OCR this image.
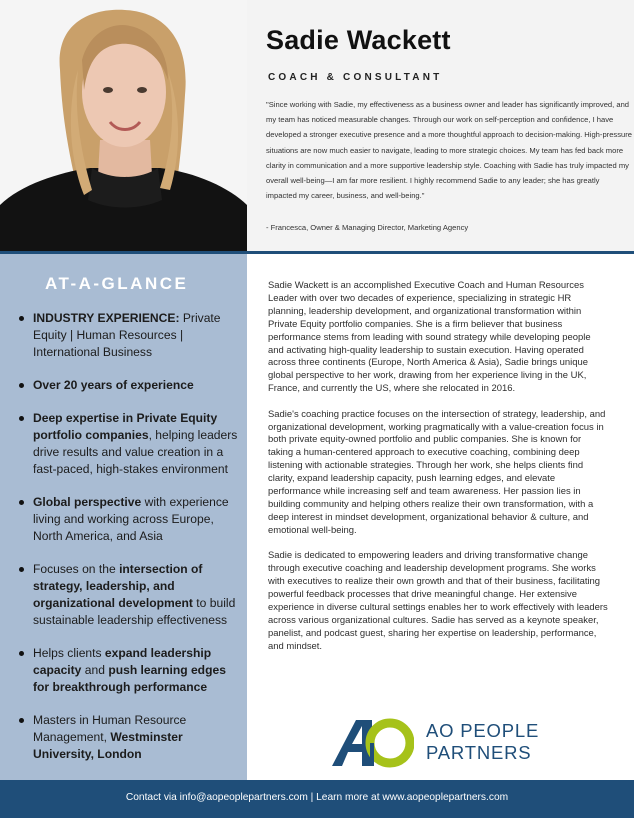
Sadie Wackett
COACH & CONSULTANT
"Since working with Sadie, my effectiveness as a business owner and leader has significantly improved, and my team has noticed measurable changes. Through our work on self-perception and confidence, I have developed a stronger executive presence and a more thoughtful approach to decision-making. High-pressure situations are now much easier to navigate, leading to more strategic choices. My team has fed back more clarity in communication and a more supportive leadership style. Coaching with Sadie has truly impacted my overall well-being—I am far more resilient. I highly recommend Sadie to any leader; she has greatly impacted my career, business, and well-being."
- Francesca, Owner & Managing Director, Marketing Agency
AT-A-GLANCE
INDUSTRY EXPERIENCE: Private Equity | Human Resources | International Business
Over 20 years of experience
Deep expertise in Private Equity portfolio companies, helping leaders drive results and value creation in a fast-paced, high-stakes environment
Global perspective with experience living and working across Europe, North America, and Asia
Focuses on the intersection of strategy, leadership, and organizational development to build sustainable leadership effectiveness
Helps clients expand leadership capacity and push learning edges for breakthrough performance
Masters in Human Resource Management, Westminster University, London

Sadie Wackett is an accomplished Executive Coach and Human Resources Leader with over two decades of experience, specializing in strategic HR planning, leadership development, and organizational transformation within Private Equity portfolio companies. She is a firm believer that business performance stems from leading with sound strategy while developing people and activating high-quality leadership to sustain execution. Having operated across three continents (Europe, North America & Asia), Sadie brings unique global perspective to her work, drawing from her experience living in the UK, France, and currently the US, where she relocated in 2016.

Sadie's coaching practice focuses on the intersection of strategy, leadership, and organizational development, working pragmatically with a value-creation focus in both private equity-owned portfolio and public companies. She is known for taking a human-centered approach to executive coaching, combining deep listening with actionable strategies. Through her work, she helps clients find clarity, expand leadership capacity, push learning edges, and elevate performance while increasing self and team awareness. Her passion lies in building community and helping others realize their own transformation, with a deep interest in mindset development, organizational behavior & culture, and emotional well-being.

Sadie is dedicated to empowering leaders and driving transformative change through executive coaching and leadership development programs. She works with executives to realize their own growth and that of their business, facilitating powerful feedback processes that drive meaningful change. Her extensive experience in diverse cultural settings enables her to work effectively with leaders across various organizational cultures. Sadie has served as a keynote speaker, panelist, and podcast guest, sharing her expertise on leadership, performance, and mindset.

AO PEOPLE
PARTNERS
Contact via info@aopeoplepartners.com | Learn more at www.aopeoplepartners.com
